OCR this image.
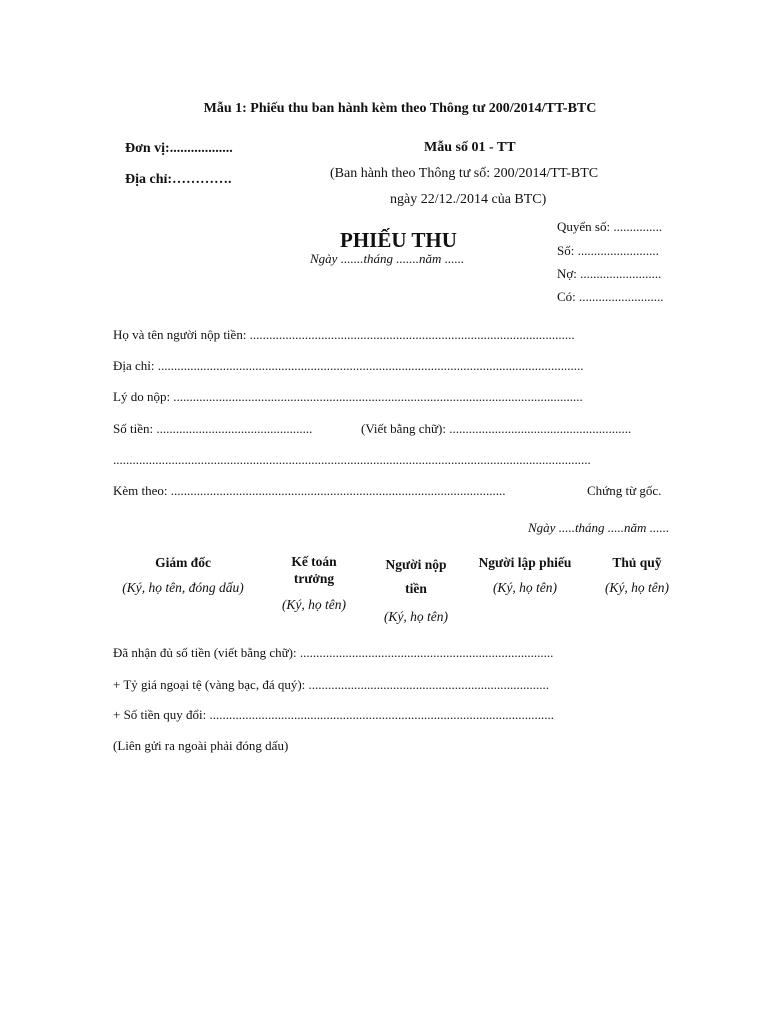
Mẫu 1: Phiếu thu ban hành kèm theo Thông tư 200/2014/TT-BTC
Đơn vị:..................
Địa chỉ:………….
Mẫu số 01 - TT
(Ban hành theo Thông tư số: 200/2014/TT-BTC
ngày 22/12./2014 của BTC)
PHIẾU THU
Ngày .......tháng .......năm ......
Quyển số: ...............
Số: .........................
Nợ: .........................
Có: ..........................
Họ và tên người nộp tiền: ....................................................................................................
Địa chỉ: ...................................................................................................................................
Lý do nộp: ..............................................................................................................................
Số tiền: ................................................	(Viết bằng chữ): ........................................................
...................................................................................................................................................
Kèm theo: .......................................................................................................	Chứng từ gốc.
Ngày .....tháng .....năm ......
Giám đốc
(Ký, họ tên, đóng dấu)
Kế toán trưởng
(Ký, họ tên)
Người nộp tiền
(Ký, họ tên)
Người lập phiếu
(Ký, họ tên)
Thủ quỹ
(Ký, họ tên)
Đã nhận đủ số tiền (viết bằng chữ): ..............................................................................
+ Tỷ giá ngoại tệ (vàng bạc, đá quý): ..........................................................................
+ Số tiền quy đổi: ..........................................................................................................
(Liên gửi ra ngoài phải đóng dấu)
